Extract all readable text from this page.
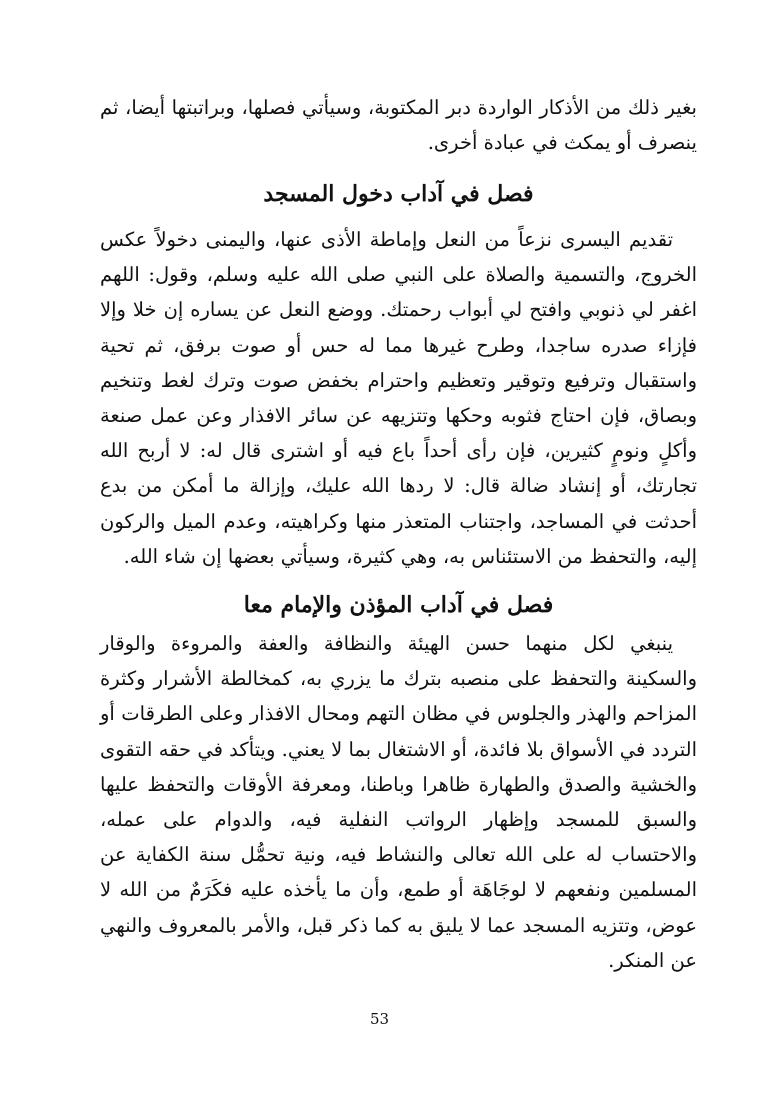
بغير ذلك من الأذكار الواردة دبر المكتوبة، وسيأتي فصلها، وبراتبتها أيضا، ثم ينصرف أو يمكث في عبادة أخرى.

فصل في آداب دخول المسجد

تقديم اليسرى نزعاً من النعل وإماطة الأذى عنها، واليمنى دخولاً عكس الخروج، والتسمية والصلاة على النبي صلى الله عليه وسلم، وقول: اللهم اغفر لي ذنوبي وافتح لي أبواب رحمتك. ووضع النعل عن يساره إن خلا وإلا فإزاء صدره ساجدا، وطرح غيرها مما له حس أو صوت برفق، ثم تحية واستقبال وترفيع وتوقير وتعظيم واحترام بخفض صوت وترك لغط وتنخيم وبصاق، فإن احتاج فثوبه وحكها وتتزيهه عن سائر الافذار وعن عمل صنعة وأكلٍ ونومٍ كثيرين، فإن رأى أحداً باع فيه أو اشترى قال له: لا أربح الله تجارتك، أو إنشاد ضالة قال: لا ردها الله عليك، وإزالة ما أمكن من بدع أحدثت في المساجد، واجتناب المتعذر منها وكراهيته، وعدم الميل والركون إليه، والتحفظ من الاستئناس به، وهي كثيرة، وسيأتي بعضها إن شاء الله.

فصل في آداب المؤذن والإمام معا

ينبغي لكل منهما حسن الهيئة والنظافة والعفة والمروءة والوقار والسكينة والتحفظ على منصبه بترك ما يزري به، كمخالطة الأشرار وكثرة المزاحم والهذر والجلوس في مظان التهم ومحال الافذار وعلى الطرقات أو التردد في الأسواق بلا فائدة، أو الاشتغال بما لا يعني. ويتأكد في حقه التقوى والخشية والصدق والطهارة ظاهرا وباطنا، ومعرفة الأوقات والتحفظ عليها والسبق للمسجد وإظهار الرواتب النفلية فيه، والدوام على عمله، والاحتساب له على الله تعالى والنشاط فيه، ونية تحمُّل سنة الكفاية عن المسلمين ونفعهم لا لوجَاهَة أو طمع، وأن ما يأخذه عليه فكَرَمٌ من الله لا عوض، وتتزيه المسجد عما لا يليق به كما ذكر قبل، والأمر بالمعروف والنهي عن المنكر.

53
